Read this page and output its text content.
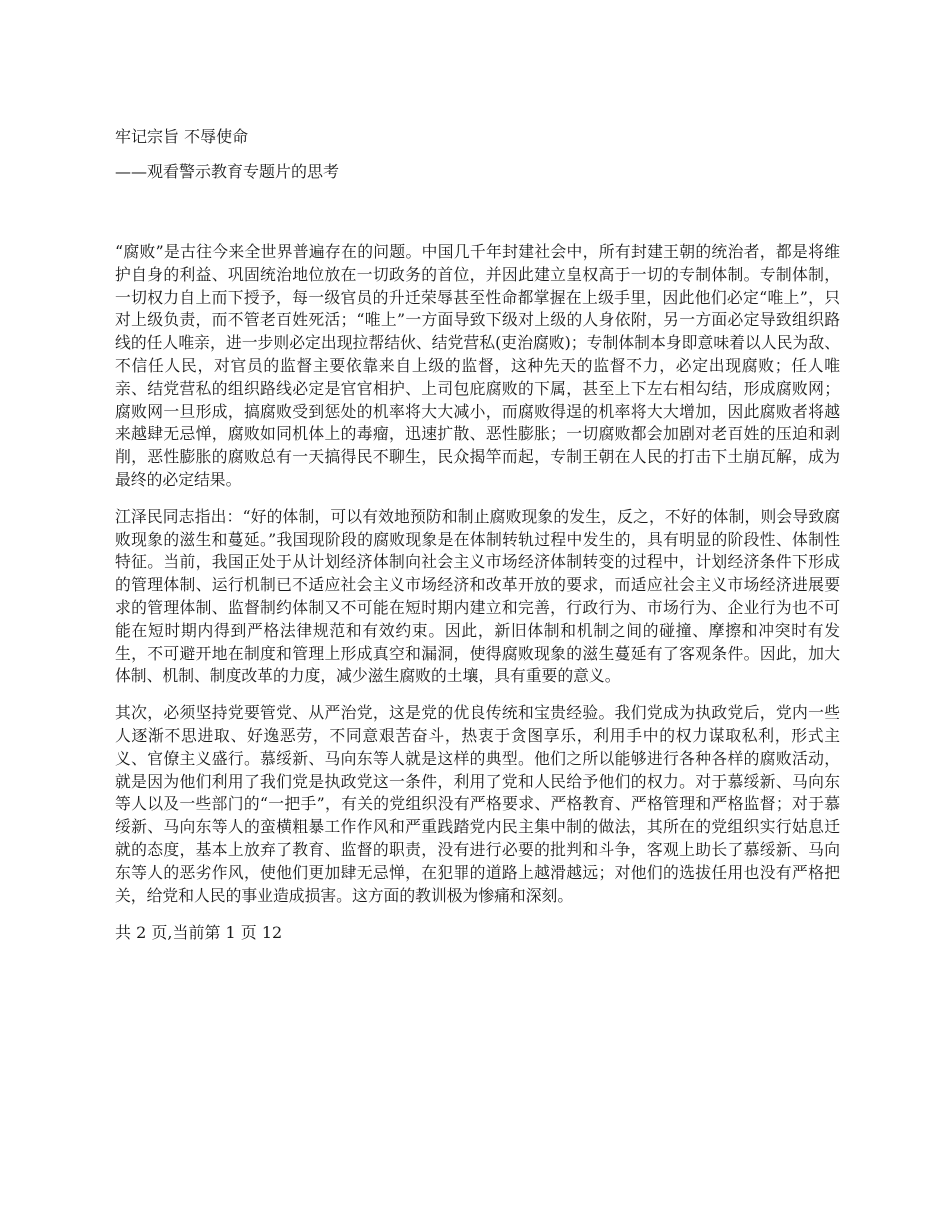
牢记宗旨 不辱使命

——观看警示教育专题片的思考

“腐败”是古往今来全世界普遍存在的问题。中国几千年封建社会中，所有封建王朝的统治者，都是将维护自身的利益、巩固统治地位放在一切政务的首位，并因此建立皇权高于一切的专制体制。专制体制，一切权力自上而下授予，每一级官员的升迁荣辱甚至性命都掌握在上级手里，因此他们必定“唯上”，只对上级负责，而不管老百姓死活；“唯上”一方面导致下级对上级的人身依附，另一方面必定导致组织路线的任人唯亲，进一步则必定出现拉帮结伙、结党营私(吏治腐败)；专制体制本身即意味着以人民为敌、不信任人民，对官员的监督主要依靠来自上级的监督，这种先天的监督不力，必定出现腐败；任人唯亲、结党营私的组织路线必定是官官相护、上司包庇腐败的下属，甚至上下左右相勾结，形成腐败网；腐败网一旦形成，搞腐败受到惩处的机率将大大减小，而腐败得逞的机率将大大增加，因此腐败者将越来越肆无忌惮，腐败如同机体上的毒瘤，迅速扩散、恶性膨胀；一切腐败都会加剧对老百姓的压迫和剥削，恶性膨胀的腐败总有一天搞得民不聊生，民众揭竿而起，专制王朝在人民的打击下土崩瓦解，成为最终的必定结果。

江泽民同志指出：“好的体制，可以有效地预防和制止腐败现象的发生，反之，不好的体制，则会导致腐败现象的滋生和蔓延。”我国现阶段的腐败现象是在体制转轨过程中发生的，具有明显的阶段性、体制性特征。当前，我国正处于从计划经济体制向社会主义市场经济体制转变的过程中，计划经济条件下形成的管理体制、运行机制已不适应社会主义市场经济和改革开放的要求，而适应社会主义市场经济进展要求的管理体制、监督制约体制又不可能在短时期内建立和完善，行政行为、市场行为、企业行为也不可能在短时期内得到严格法律规范和有效约束。因此，新旧体制和机制之间的碰撞、摩擦和冲突时有发生，不可避开地在制度和管理上形成真空和漏洞，使得腐败现象的滋生蔓延有了客观条件。因此，加大体制、机制、制度改革的力度，减少滋生腐败的土壤，具有重要的意义。

其次，必须坚持党要管党、从严治党，这是党的优良传统和宝贵经验。我们党成为执政党后，党内一些人逐渐不思进取、好逸恶劳，不同意艰苦奋斗，热衷于贪图享乐，利用手中的权力谋取私利，形式主义、官僚主义盛行。慕绥新、马向东等人就是这样的典型。他们之所以能够进行各种各样的腐败活动，就是因为他们利用了我们党是执政党这一条件，利用了党和人民给予他们的权力。对于慕绥新、马向东等人以及一些部门的“一把手”，有关的党组织没有严格要求、严格教育、严格管理和严格监督；对于慕绥新、马向东等人的蛮横粗暴工作作风和严重践踏党内民主集中制的做法，其所在的党组织实行姑息迁就的态度，基本上放弃了教育、监督的职责，没有进行必要的批判和斗争，客观上助长了慕绥新、马向东等人的恶劣作风，使他们更加肆无忌惮，在犯罪的道路上越滑越远；对他们的选拔任用也没有严格把关，给党和人民的事业造成损害。这方面的教训极为惨痛和深刻。

共 2 页,当前第 1 页 12
